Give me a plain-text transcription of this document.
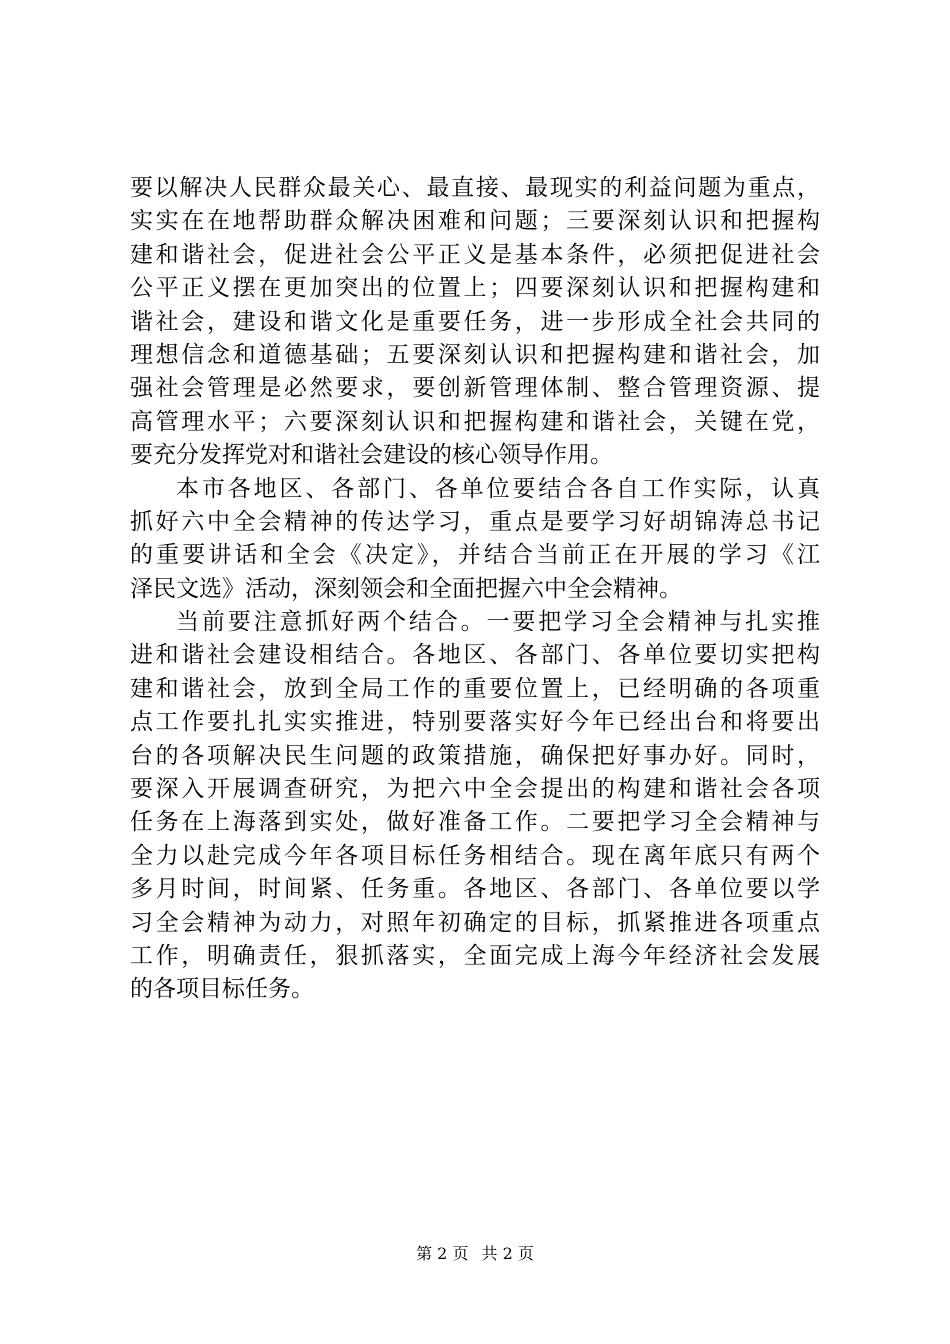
要以解决人民群众最关心、最直接、最现实的利益问题为重点，
实实在在地帮助群众解决困难和问题；三要深刻认识和把握构
建和谐社会，促进社会公平正义是基本条件，必须把促进社会
公平正义摆在更加突出的位置上；四要深刻认识和把握构建和
谐社会，建设和谐文化是重要任务，进一步形成全社会共同的
理想信念和道德基础；五要深刻认识和把握构建和谐社会，加
强社会管理是必然要求，要创新管理体制、整合管理资源、提
高管理水平；六要深刻认识和把握构建和谐社会，关键在党，
要充分发挥党对和谐社会建设的核心领导作用。
本市各地区、各部门、各单位要结合各自工作实际，认真
抓好六中全会精神的传达学习，重点是要学习好胡锦涛总书记
的重要讲话和全会《决定》，并结合当前正在开展的学习《江
泽民文选》活动，深刻领会和全面把握六中全会精神。
当前要注意抓好两个结合。一要把学习全会精神与扎实推
进和谐社会建设相结合。各地区、各部门、各单位要切实把构
建和谐社会，放到全局工作的重要位置上，已经明确的各项重
点工作要扎扎实实推进，特别要落实好今年已经出台和将要出
台的各项解决民生问题的政策措施，确保把好事办好。同时，
要深入开展调查研究，为把六中全会提出的构建和谐社会各项
任务在上海落到实处，做好准备工作。二要把学习全会精神与
全力以赴完成今年各项目标任务相结合。现在离年底只有两个
多月时间，时间紧、任务重。各地区、各部门、各单位要以学
习全会精神为动力，对照年初确定的目标，抓紧推进各项重点
工作，明确责任，狠抓落实，全面完成上海今年经济社会发展
的各项目标任务。
第 2 页 共 2 页
